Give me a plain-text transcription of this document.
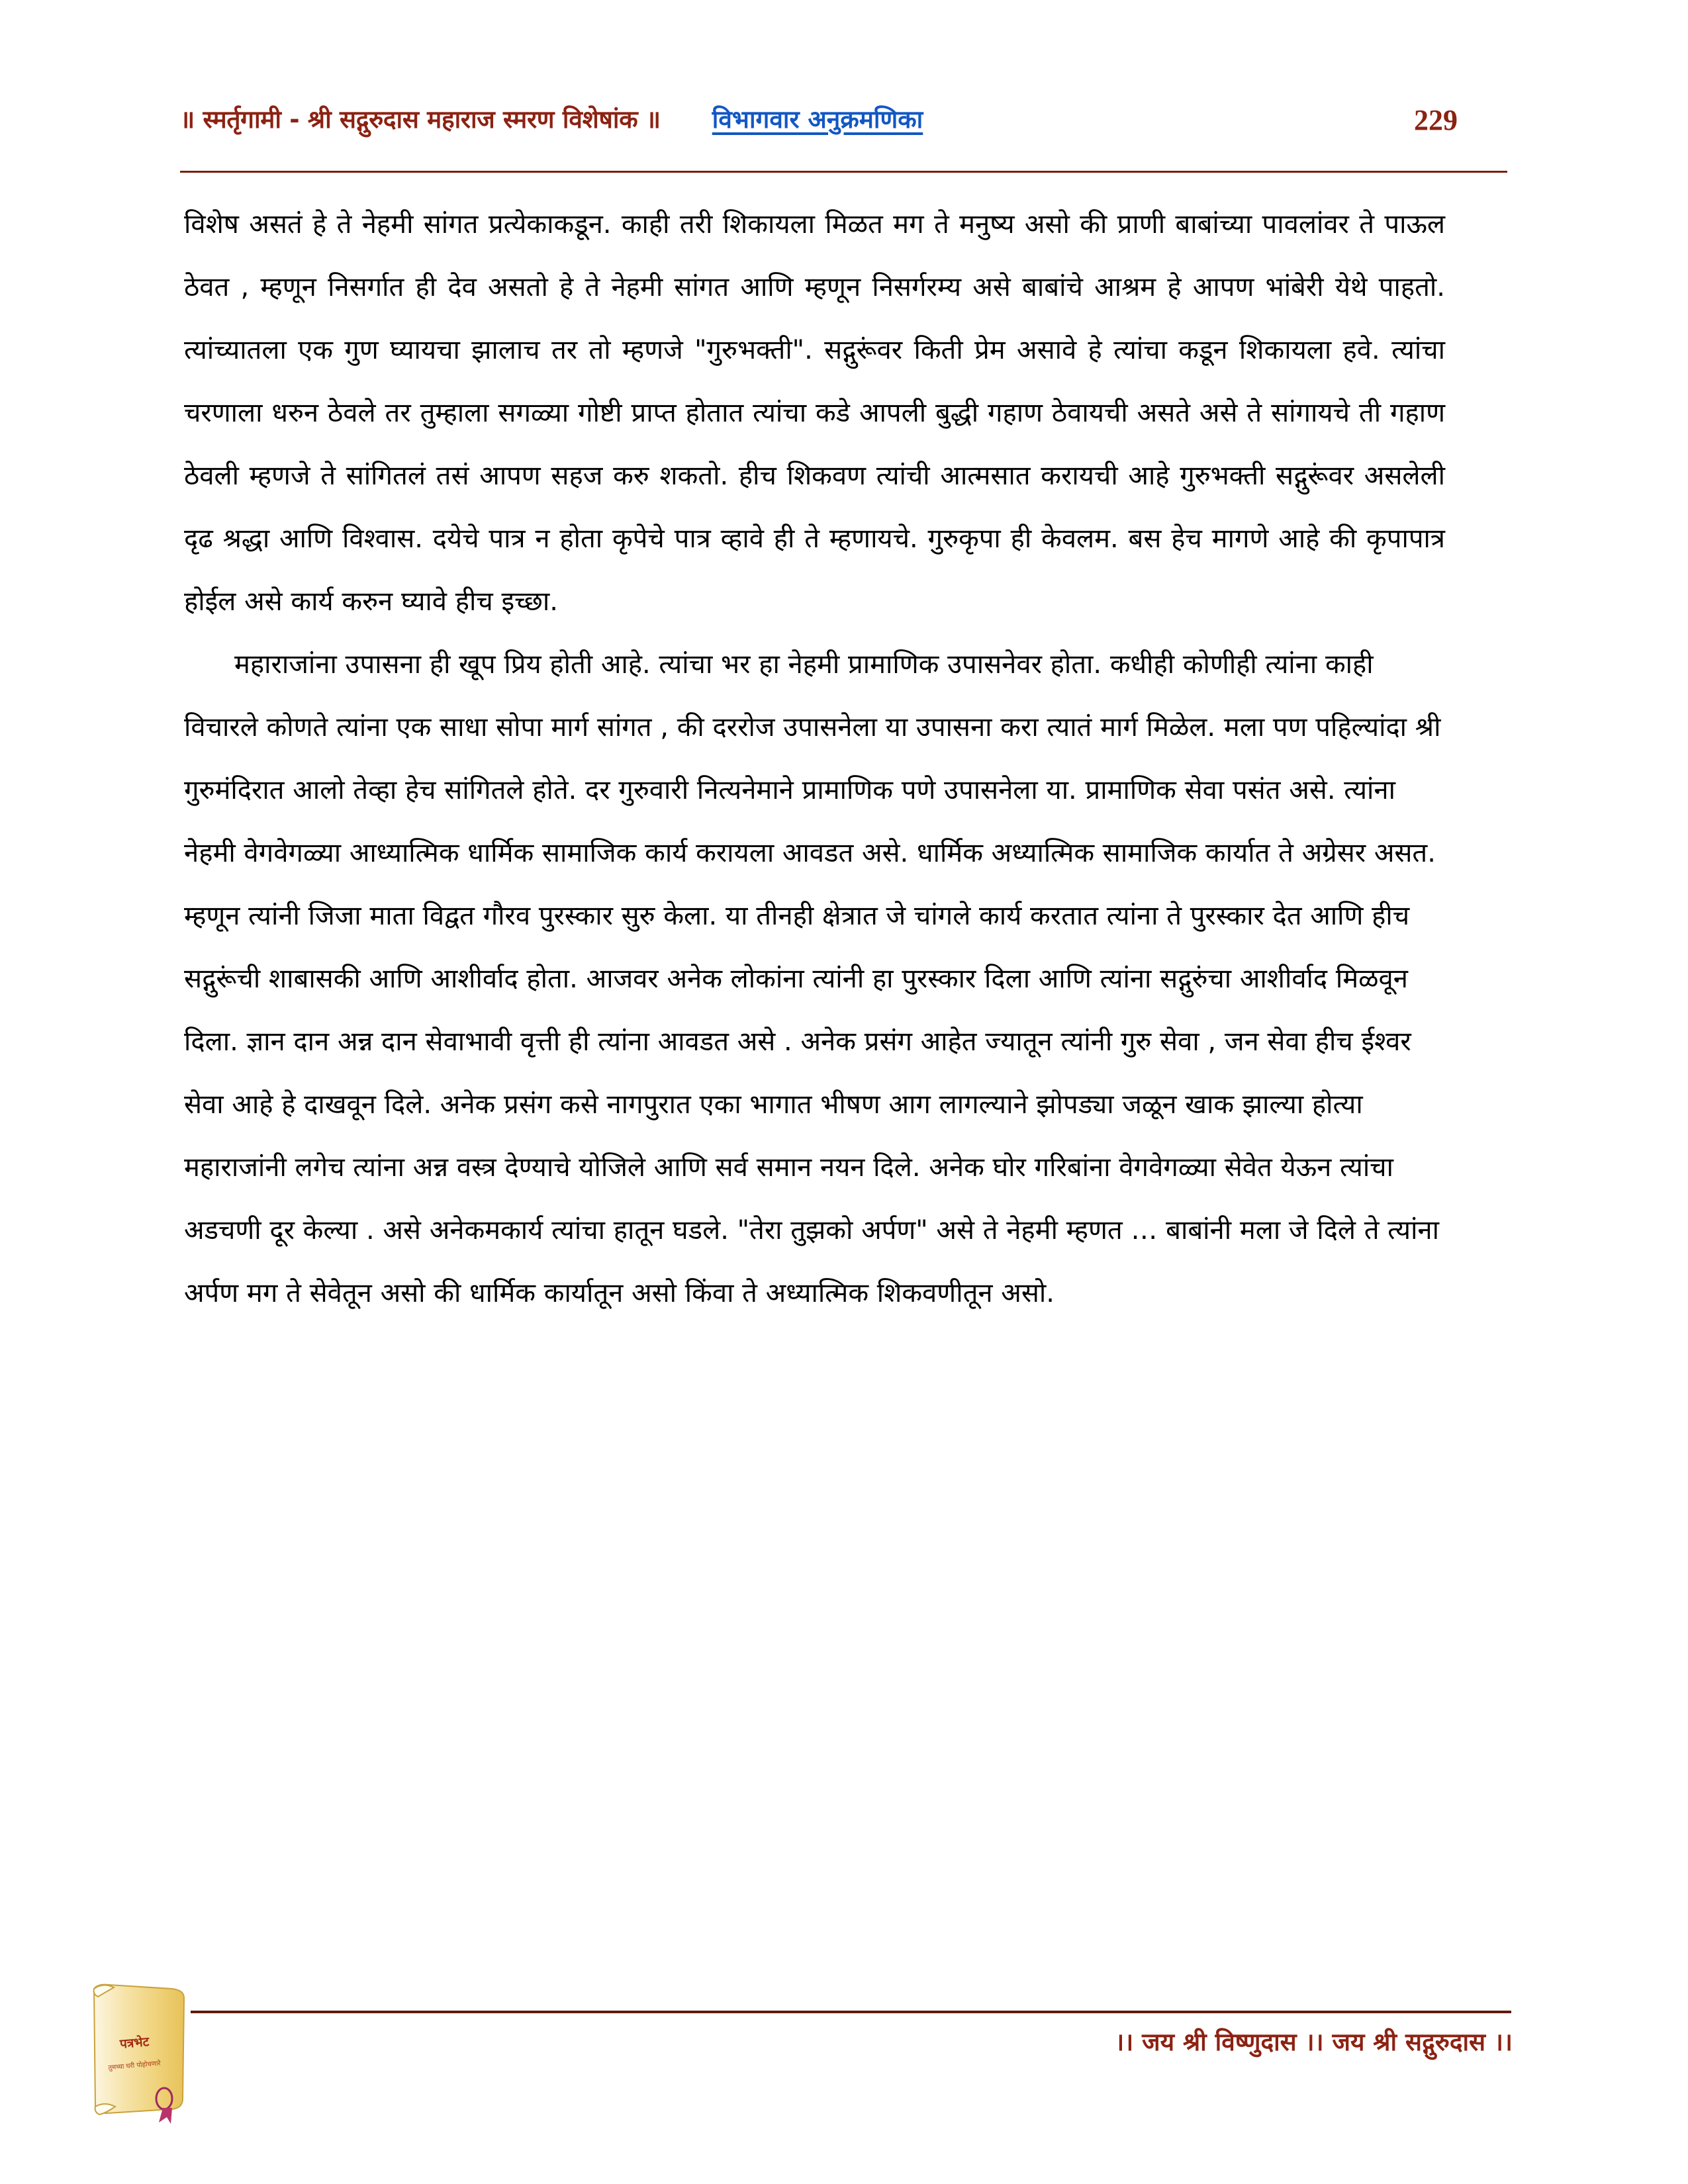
॥ स्मर्तृगामी - श्री सद्गुरुदास महाराज स्मरण विशेषांक ॥ विभागवार अनुक्रमणिका	229

विशेष असतं हे ते नेहमी सांगत प्रत्येकाकडून. काही तरी शिकायला मिळत मग ते मनुष्य असो की प्राणी बाबांच्या पावलांवर ते पाऊल ठेवत , म्हणून निसर्गात ही देव असतो हे ते नेहमी सांगत आणि म्हणून निसर्गरम्य असे बाबांचे आश्रम हे आपण भांबेरी येथे पाहतो. त्यांच्यातला एक गुण घ्यायचा झालाच तर तो म्हणजे "गुरुभक्ती". सद्गुरूंवर किती प्रेम असावे हे त्यांचा कडून शिकायला हवे. त्यांचा चरणाला धरुन ठेवले तर तुम्हाला सगळ्या गोष्टी प्राप्त होतात त्यांचा कडे आपली बुद्धी गहाण ठेवायची असते असे ते सांगायचे ती गहाण ठेवली म्हणजे ते सांगितलं तसं आपण सहज करु शकतो. हीच शिकवण त्यांची आत्मसात करायची आहे गुरुभक्ती सद्गुरूंवर असलेली दृढ श्रद्धा आणि विश्वास. दयेचे पात्र न होता कृपेचे पात्र व्हावे ही ते म्हणायचे. गुरुकृपा ही केवलम. बस हेच मागणे आहे की कृपापात्र होईल असे कार्य करुन घ्यावे हीच इच्छा.

महाराजांना उपासना ही खूप प्रिय होती आहे. त्यांचा भर हा नेहमी प्रामाणिक उपासनेवर होता. कधीही कोणीही त्यांना काही विचारले कोणते त्यांना एक साधा सोपा मार्ग सांगत , की दररोज उपासनेला या उपासना करा त्यातं मार्ग मिळेल. मला पण पहिल्यांदा श्री गुरुमंदिरात आलो तेव्हा हेच सांगितले होते. दर गुरुवारी नित्यनेमाने प्रामाणिक पणे उपासनेला या. प्रामाणिक सेवा पसंत असे. त्यांना नेहमी वेगवेगळ्या आध्यात्मिक धार्मिक सामाजिक कार्य करायला आवडत असे. धार्मिक अध्यात्मिक सामाजिक कार्यात ते अग्रेसर असत. म्हणून त्यांनी जिजा माता विद्वत गौरव पुरस्कार सुरु केला. या तीनही क्षेत्रात जे चांगले कार्य करतात त्यांना ते पुरस्कार देत आणि हीच सद्गुरूंची शाबासकी आणि आशीर्वाद होता. आजवर अनेक लोकांना त्यांनी हा पुरस्कार दिला आणि त्यांना सद्गुरुंचा आशीर्वाद मिळवून दिला. ज्ञान दान अन्न दान सेवाभावी वृत्ती ही त्यांना आवडत असे . अनेक प्रसंग आहेत ज्यातून त्यांनी गुरु सेवा , जन सेवा हीच ईश्वर सेवा आहे हे दाखवून दिले. अनेक प्रसंग कसे नागपुरात एका भागात भीषण आग लागल्याने झोपड्या जळून खाक झाल्या होत्या महाराजांनी लगेच त्यांना अन्न वस्त्र देण्याचे योजिले आणि सर्व समान नयन दिले. अनेक घोर गरिबांना वेगवेगळ्या सेवेत येऊन त्यांचा अडचणी दूर केल्या . असे अनेकमकार्य त्यांचा हातून घडले. "तेरा तुझको अर्पण" असे ते नेहमी म्हणत … बाबांनी मला जे दिले ते त्यांना अर्पण मग ते सेवेतून असो की धार्मिक कार्यातून असो किंवा ते अध्यात्मिक शिकवणीतून असो.

।। जय श्री विष्णुदास ।। जय श्री सद्गुरुदास ।।
पत्रभेट
तुमच्या घरी पोहोचणारे
